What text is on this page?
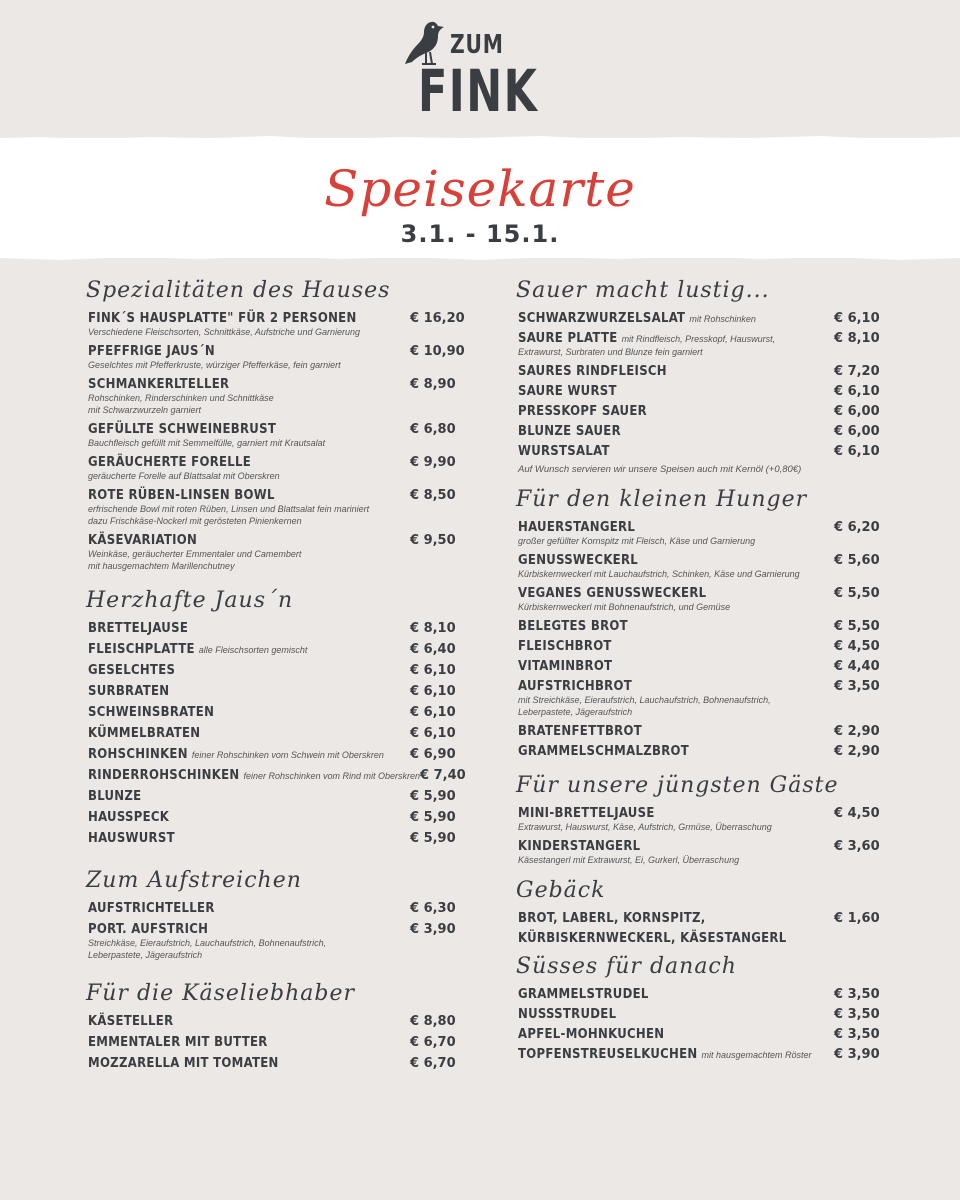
ZUM
FINK
Speisekarte
3.1. - 15.1.
Spezialitäten des Hauses
FINK´S HAUSPLATTE" FÜR 2 PERSONEN	€ 16,20
Verschiedene Fleischsorten, Schnittkäse, Aufstriche und Garnierung
PFEFFRIGE JAUS´N	€ 10,90
Geselchtes mit Pfefferkruste, würziger Pfefferkäse, fein garniert
SCHMANKERLTELLER	€ 8,90
Rohschinken, Rinderschinken und Schnittkäse
mit Schwarzwurzeln garniert
GEFÜLLTE SCHWEINEBRUST	€ 6,80
Bauchfleisch gefüllt mit Semmelfülle, garniert mit Krautsalat
GERÄUCHERTE FORELLE	€ 9,90
geräucherte Forelle auf Blattsalat mit Oberskren
ROTE RÜBEN-LINSEN BOWL	€ 8,50
erfrischende Bowl mit roten Rüben, Linsen und Blattsalat fein mariniert
dazu Frischkäse-Nockerl mit gerösteten Pinienkernen
KÄSEVARIATION	€ 9,50
Weinkäse, geräucherter Emmentaler und Camembert
mit hausgemachtem Marillenchutney
Herzhafte Jaus´n
BRETTELJAUSE	€ 8,10
FLEISCHPLATTE alle Fleischsorten gemischt	€ 6,40
GESELCHTES	€ 6,10
SURBRATEN	€ 6,10
SCHWEINSBRATEN	€ 6,10
KÜMMELBRATEN	€ 6,10
ROHSCHINKEN feiner Rohschinken vom Schwein mit Oberskren € 6,90
RINDERROHSCHINKEN feiner Rohschinken vom Rind mit Oberskren € 7,40
BLUNZE	€ 5,90
HAUSSPECK	€ 5,90
HAUSWURST	€ 5,90
Zum Aufstreichen
AUFSTRICHTELLER	€ 6,30
PORT. AUFSTRICH	€ 3,90
Streichkäse, Eieraufstrich, Lauchaufstrich, Bohnenaufstrich,
Leberpastete, Jägeraufstrich
Für die Käseliebhaber
KÄSETELLER	€ 8,80
EMMENTALER MIT BUTTER	€ 6,70
MOZZARELLA MIT TOMATEN	€ 6,70
Sauer macht lustig...
SCHWARZWURZELSALAT mit Rohschinken	€ 6,10
SAURE PLATTE mit Rindfleisch, Presskopf, Hauswurst,	€ 8,10
Extrawurst, Surbraten und Blunze fein garniert
SAURES RINDFLEISCH	€ 7,20
SAURE WURST	€ 6,10
PRESSKOPF SAUER	€ 6,00
BLUNZE SAUER	€ 6,00
WURSTSALAT	€ 6,10
Auf Wunsch servieren wir unsere Speisen auch mit Kernöl (+0,80€)
Für den kleinen Hunger
HAUERSTANGERL	€ 6,20
großer gefüllter Kornspitz mit Fleisch, Käse und Garnierung
GENUSSWECKERL	€ 5,60
Kürbiskernweckerl mit Lauchaufstrich, Schinken, Käse und Garnierung
VEGANES GENUSSWECKERL	€ 5,50
Kürbiskernweckerl mit Bohnenaufstrich, und Gemüse
BELEGTES BROT	€ 5,50
FLEISCHBROT	€ 4,50
VITAMINBROT	€ 4,40
AUFSTRICHBROT	€ 3,50
mit Streichkäse, Eieraufstrich, Lauchaufstrich, Bohnenaufstrich,
Leberpastete, Jägeraufstrich
BRATENFETTBROT	€ 2,90
GRAMMELSCHMALZBROT	€ 2,90
Für unsere jüngsten Gäste
MINI-BRETTELJAUSE	€ 4,50
Extrawurst, Hauswurst, Käse, Aufstrich, Grmüse, Überraschung
KINDERSTANGERL	€ 3,60
Käsestangerl mit Extrawurst, Ei, Gurkerl, Überraschung
Gebäck
BROT, LABERL, KORNSPITZ,	€ 1,60
KÜRBISKERNWECKERL, KÄSESTANGERL
Süsses für danach
GRAMMELSTRUDEL	€ 3,50
NUSSSTRUDEL	€ 3,50
APFEL-MOHNKUCHEN	€ 3,50
TOPFENSTREUSELKUCHEN mit hausgemachtem Röster € 3,90
